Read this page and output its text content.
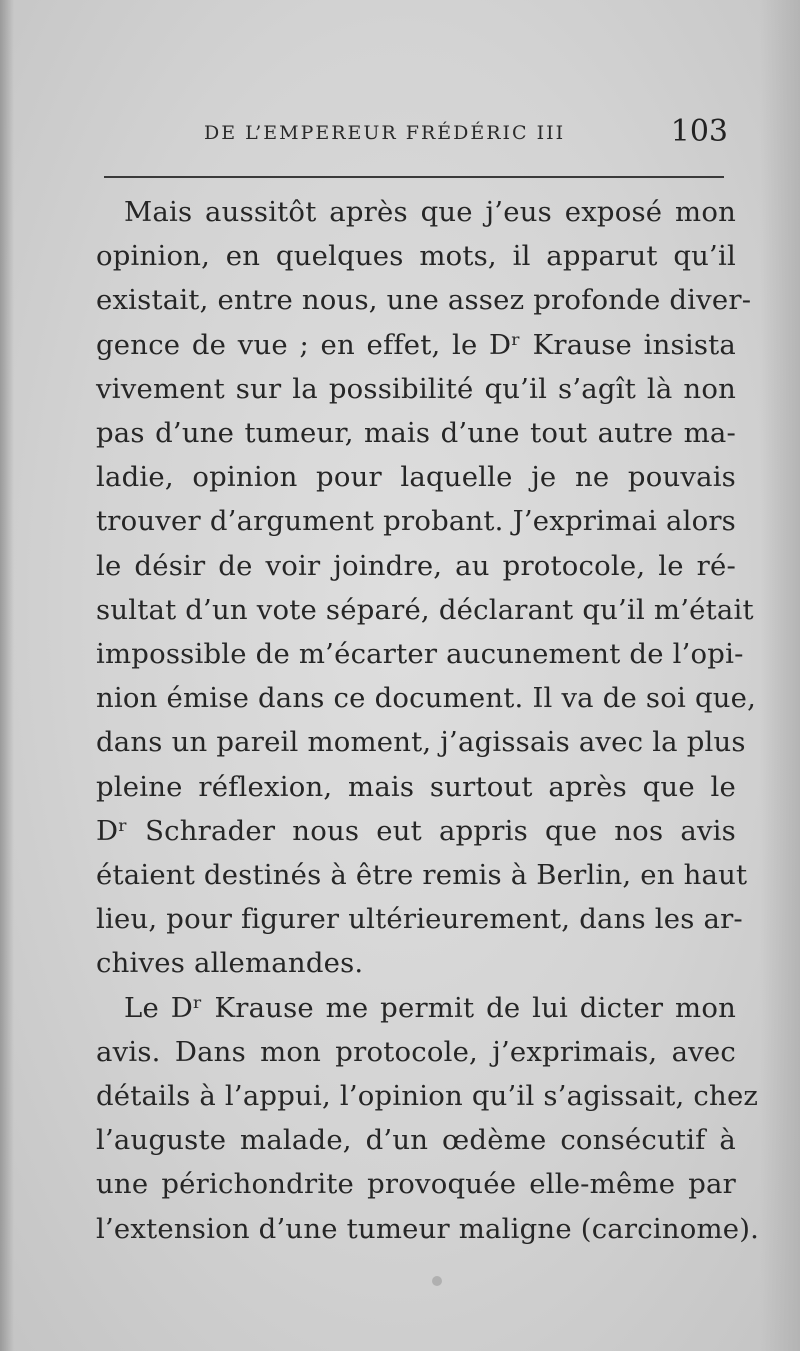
DE L’EMPEREUR FRÉDÉRIC III	103
Mais aussitôt après que j’eus exposé mon
opinion, en quelques mots, il apparut qu’il
existait, entre nous, une assez profonde diver-
gence de vue ; en effet, le Dʳ Krause insista
vivement sur la possibilité qu’il s’agît là non
pas d’une tumeur, mais d’une tout autre ma-
ladie, opinion pour laquelle je ne pouvais
trouver d’argument probant. J’exprimai alors
le désir de voir joindre, au protocole, le ré-
sultat d’un vote séparé, déclarant qu’il m’était
impossible de m’écarter aucunement de l’opi-
nion émise dans ce document. Il va de soi que,
dans un pareil moment, j’agissais avec la plus
pleine réflexion, mais surtout après que le
Dʳ Schrader nous eut appris que nos avis
étaient destinés à être remis à Berlin, en haut
lieu, pour figurer ultérieurement, dans les ar-
chives allemandes.
Le Dʳ Krause me permit de lui dicter mon
avis. Dans mon protocole, j’exprimais, avec
détails à l’appui, l’opinion qu’il s’agissait, chez
l’auguste malade, d’un œdème consécutif à
une périchondrite provoquée elle-même par
l’extension d’une tumeur maligne (carcinome).
